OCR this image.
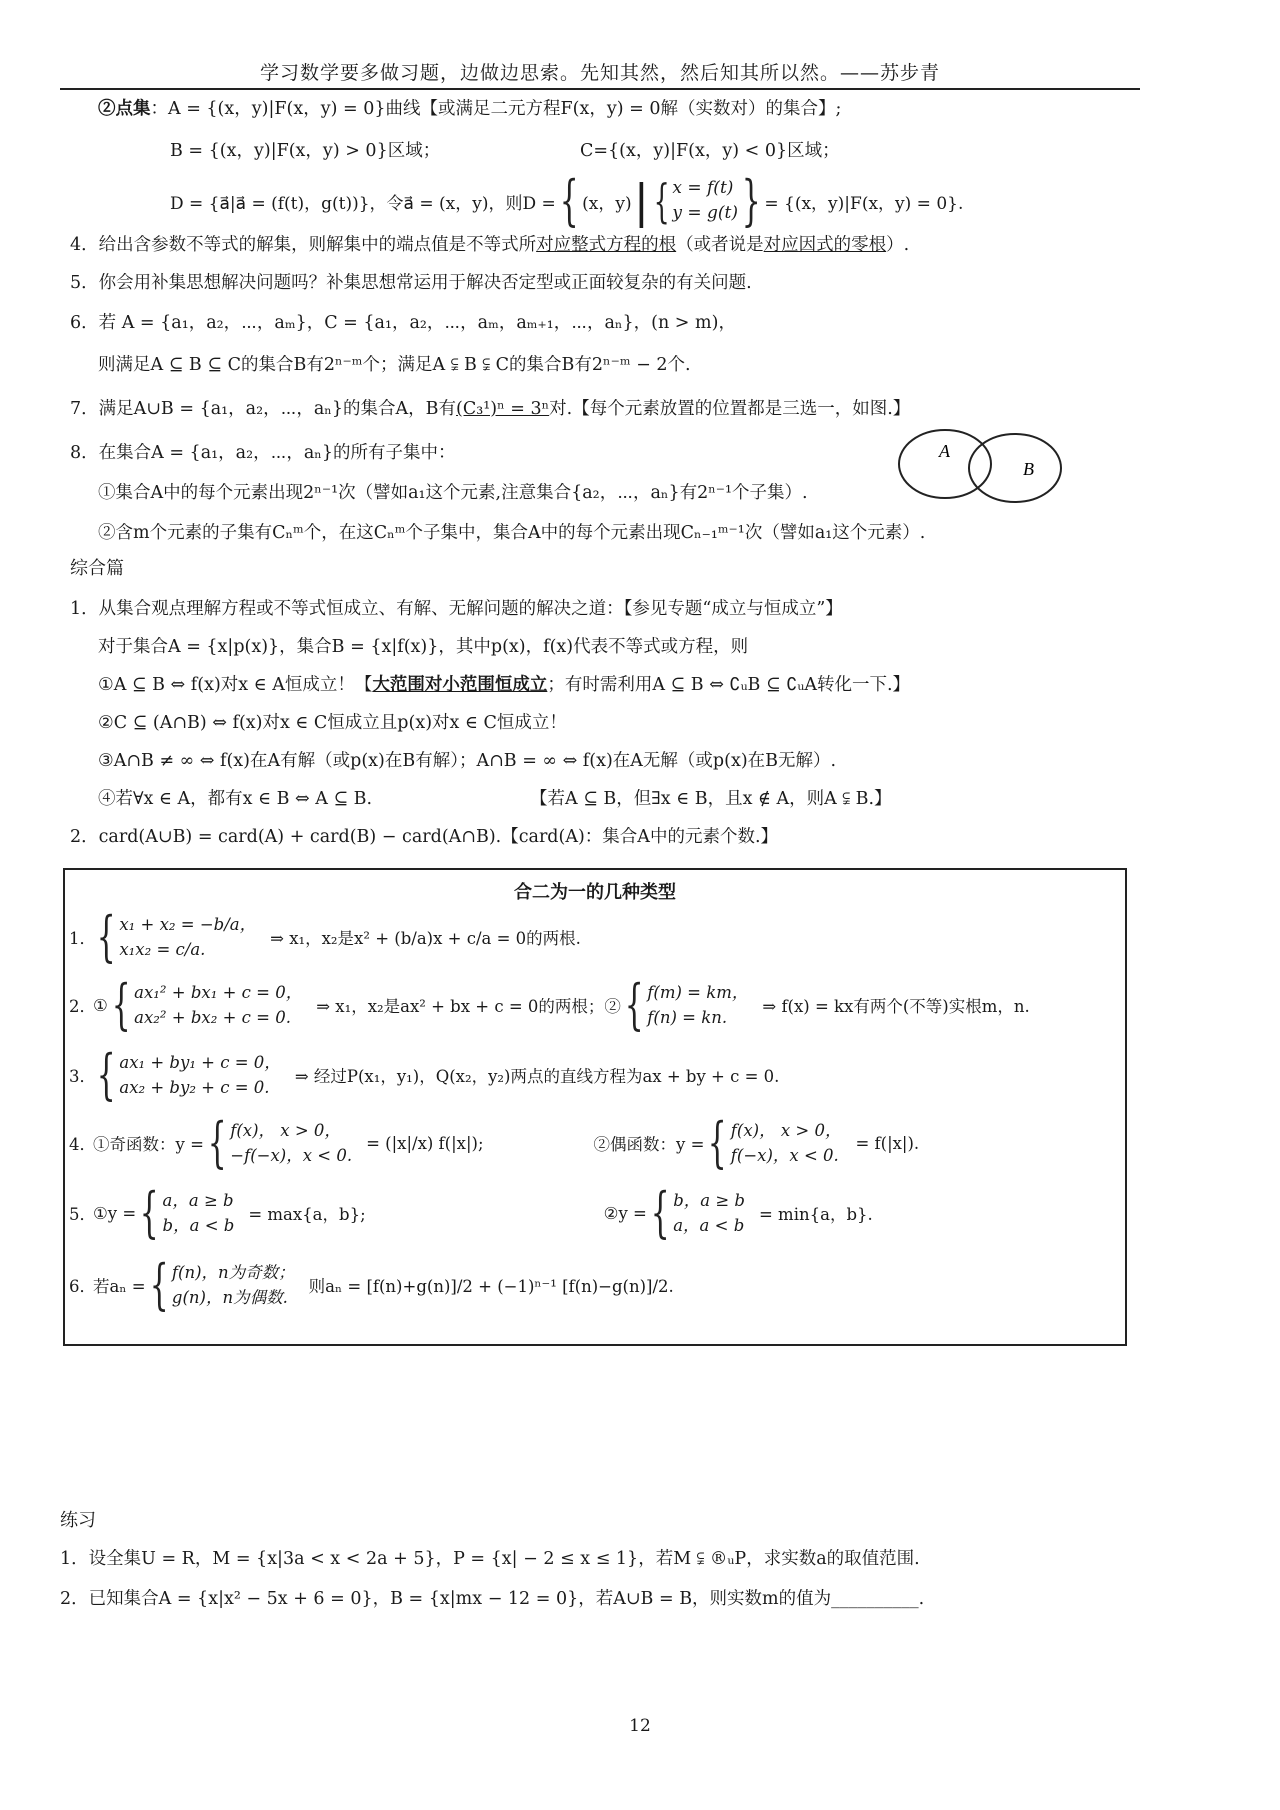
学习数学要多做习题，边做边思索。先知其然，然后知其所以然。——苏步青
②点集：A = {(x，y)|F(x，y) = 0}曲线【或满足二元方程F(x，y) = 0解（实数对）的集合】;
B = {(x，y)|F(x，y) > 0}区域；	C={(x，y)|F(x，y) < 0}区域；
D = {a⃗|a⃗ = (f(t)，g(t))}，令a⃗ = (x，y)，则D = { (x，y) | { x = f(t)
y = g(t) } = {(x，y)|F(x，y) = 0}.
4．给出含参数不等式的解集，则解集中的端点值是不等式所对应整式方程的根（或者说是对应因式的零根）.
5．你会用补集思想解决问题吗？补集思想常运用于解决否定型或正面较复杂的有关问题.
6．若 A = {a₁，a₂，⋯，aₘ}，C = {a₁，a₂，⋯，aₘ，aₘ₊₁，⋯，aₙ}，(n > m)，
则满足A ⊆ B ⊆ C的集合B有2ⁿ⁻ᵐ个；满足A ⫋ B ⫋ C的集合B有2ⁿ⁻ᵐ − 2个.
7．满足A∪B = {a₁，a₂，⋯，aₙ}的集合A，B有(C₃¹)ⁿ = 3ⁿ对.【每个元素放置的位置都是三选一，如图.】
8．在集合A = {a₁，a₂，⋯，aₙ}的所有子集中：
①集合A中的每个元素出现2ⁿ⁻¹次（譬如a₁这个元素,注意集合{a₂，⋯，aₙ}有2ⁿ⁻¹个子集）.
②含m个元素的子集有Cₙᵐ个，在这Cₙᵐ个子集中，集合A中的每个元素出现Cₙ₋₁ᵐ⁻¹次（譬如a₁这个元素）.
A
B
综合篇
1．从集合观点理解方程或不等式恒成立、有解、无解问题的解决之道：【参见专题“成立与恒成立”】
对于集合A = {x|p(x)}，集合B = {x|f(x)}，其中p(x)，f(x)代表不等式或方程，则
①A ⊆ B ⇔ f(x)对x ∈ A恒成立！【大范围对小范围恒成立；有时需利用A ⊆ B ⇔ ∁ᵤB ⊆ ∁ᵤA转化一下.】
②C ⊆ (A∩B) ⇔ f(x)对x ∈ C恒成立且p(x)对x ∈ C恒成立！
③A∩B ≠ ∞ ⇔ f(x)在A有解（或p(x)在B有解）；A∩B = ∞ ⇔ f(x)在A无解（或p(x)在B无解）.
④若∀x ∈ A，都有x ∈ B ⇔ A ⊆ B.	【若A ⊆ B，但∃x ∈ B，且x ∉ A，则A ⫋ B.】
2．card(A∪B) = card(A) + card(B) − card(A∩B).【card(A)：集合A中的元素个数.】
合二为一的几种类型
1． { x₁ + x₂ = −b/a，
x₁x₂ = c/a.
⇒ x₁，x₂是x² + (b/a)x + c/a = 0的两根.
2．
① { ax₁² + bx₁ + c = 0，
ax₂² + bx₂ + c = 0.
⇒ x₁，x₂是ax² + bx + c = 0的两根；② { f(m) = km，
f(n) = kn.
⇒ f(x) = kx有两个(不等)实根m，n.
3． { ax₁ + by₁ + c = 0，
ax₂ + by₂ + c = 0.
⇒ 经过P(x₁，y₁)，Q(x₂，y₂)两点的直线方程为ax + by + c = 0.
4．
①奇函数：y = { f(x)， x > 0，
−f(−x)，x < 0.
= (|x|/x) f(|x|);	②偶函数：y = { f(x)， x > 0，
f(−x)，x < 0.
= f(|x|).
5．
①y = { a，a ≥ b
b，a < b
= max{a，b};	②y = { b，a ≥ b
a，a < b
= min{a，b}.
6．
若aₙ = { f(n)，n为奇数；
g(n)，n为偶数.
则aₙ = [f(n)+g(n)]/2 + (−1)ⁿ⁻¹ [f(n)−g(n)]/2.
练习
1．设全集U = R，M = {x|3a < x < 2a + 5}，P = {x| − 2 ≤ x ≤ 1}，若M ⫋ ®ᵤP，求实数a的取值范围.
2．已知集合A = {x|x² − 5x + 6 = 0}，B = {x|mx − 12 = 0}，若A∪B = B，则实数m的值为__________.
12
